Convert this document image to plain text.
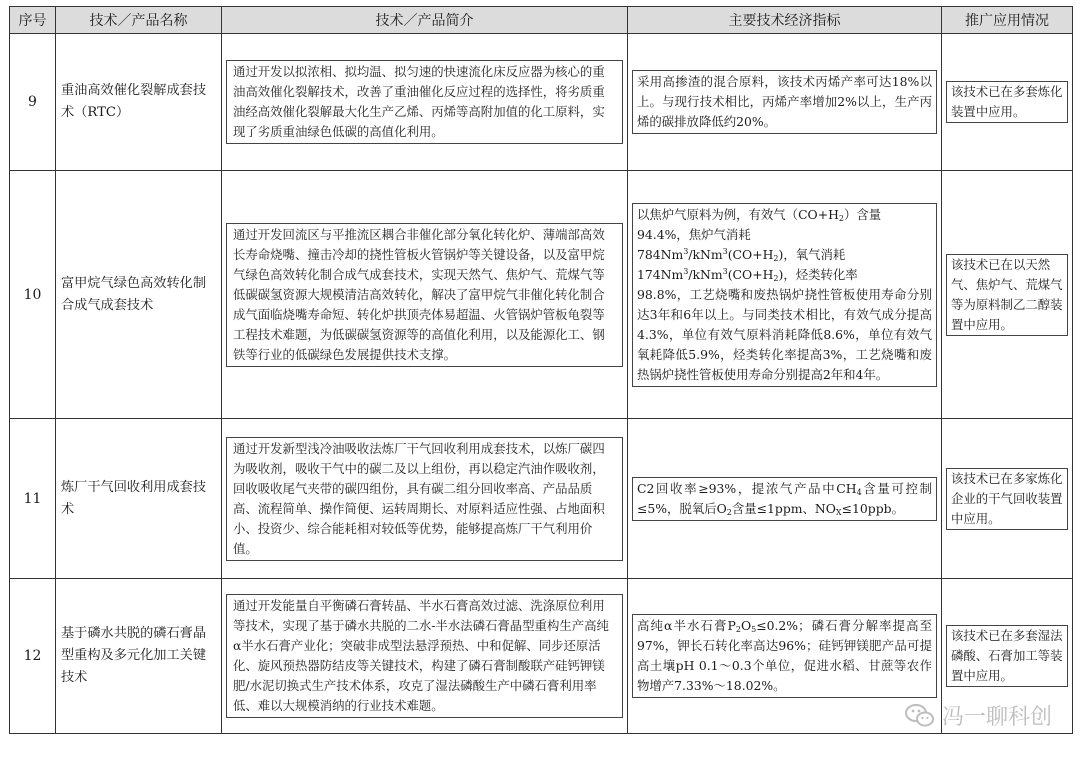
序号	技术／产品名称	技术／产品简介	主要技术经济指标	推广应用情况
9	重油高效催化裂解成套技术（RTC）	通过开发以拟浓相、拟均温、拟匀速的快速流化床反应器为核心的重油高效催化裂解技术，改善了重油催化反应过程的选择性，将劣质重油经高效催化裂解最大化生产乙烯、丙烯等高附加值的化工原料，实现了劣质重油绿色低碳的高值化利用。	采用高掺渣的混合原料，该技术丙烯产率可达18%以上。与现行技术相比，丙烯产率增加2%以上，生产丙烯的碳排放降低约20%。	该技术已在多套炼化装置中应用。

10	富甲烷气绿色高效转化制合成气成套技术	通过开发回流区与平推流区耦合非催化部分氧化转化炉、薄端部高效长寿命烧嘴、撞击冷却的挠性管板火管锅炉等关键设备，以及富甲烷气绿色高效转化制合成气成套技术，实现天然气、焦炉气、荒煤气等低碳碳氢资源大规模清洁高效转化，解决了富甲烷气非催化转化制合成气面临烧嘴寿命短、转化炉拱顶壳体易超温、火管锅炉管板龟裂等工程技术难题，为低碳碳氢资源等的高值化利用，以及能源化工、钢铁等行业的低碳绿色发展提供技术支撑。	以焦炉气原料为例，有效气$(CO+H_2)$含量
94.4%，焦炉气消耗
$784Nm^3/kNm^3(CO+H_2)$，氧气消耗
$174Nm^3/kNm^3(CO+H_2)$，烃类转化率
98.8%，工艺烧嘴和废热锅炉挠性管板使用寿命分别达3年和6年以上。与同类技术相比，有效气成分提高4.3%，单位有效气原料消耗降低8.6%，单位有效气氧耗降低5.9%，烃类转化率提高3%，工艺烧嘴和废热锅炉挠性管板使用寿命分别提高2年和4年。	该技术已在以天然气、焦炉气、荒煤气等为原料制乙二醇装置中应用。

11	炼厂干气回收利用成套技术	通过开发新型浅冷油吸收法炼厂干气回收利用成套技术，以炼厂碳四为吸收剂，吸收干气中的碳二及以上组份，再以稳定汽油作吸收剂，回收吸收尾气夹带的碳四组份，具有碳二组分回收率高、产品品质高、流程简单、操作简便、运转周期长、对原料适应性强、占地面积小、投资少、综合能耗相对较低等优势，能够提高炼厂干气利用价值。	C2回收率≥93%，提浓气产品中$CH_4$含量可控制≤5%，脱氧后$O_2$含量≤1ppm、$NO_X\le 10ppb$。	该技术已在多家炼化企业的干气回收装置中应用。

12	基于磷水共脱的磷石膏晶型重构及多元化加工关键技术	通过开发能量自平衡磷石膏转晶、半水石膏高效过滤、洗涤原位利用等技术，实现了基于磷水共脱的二水-半水法磷石膏晶型重构生产高纯α半水石膏产业化；突破非成型法悬浮预热、中和促解、同步还原活化、旋风预热器防结皮等关键技术，构建了磷石膏制酸联产硅钙钾镁肥/水泥切换式生产技术体系，攻克了湿法磷酸生产中磷石膏利用率低、难以大规模消纳的行业技术难题。	高纯α半水石膏$P_2O_5\le 0.2\%$；磷石膏分解率提高至97%，钾长石转化率高达96%；硅钙钾镁肥产品可提高土壤pH 0.1～0.3个单位，促进水稻、甘蔗等农作物增产7.33%～18.02%。	该技术已在多套湿法磷酸、石膏加工等装置中应用。
冯一聊科创
